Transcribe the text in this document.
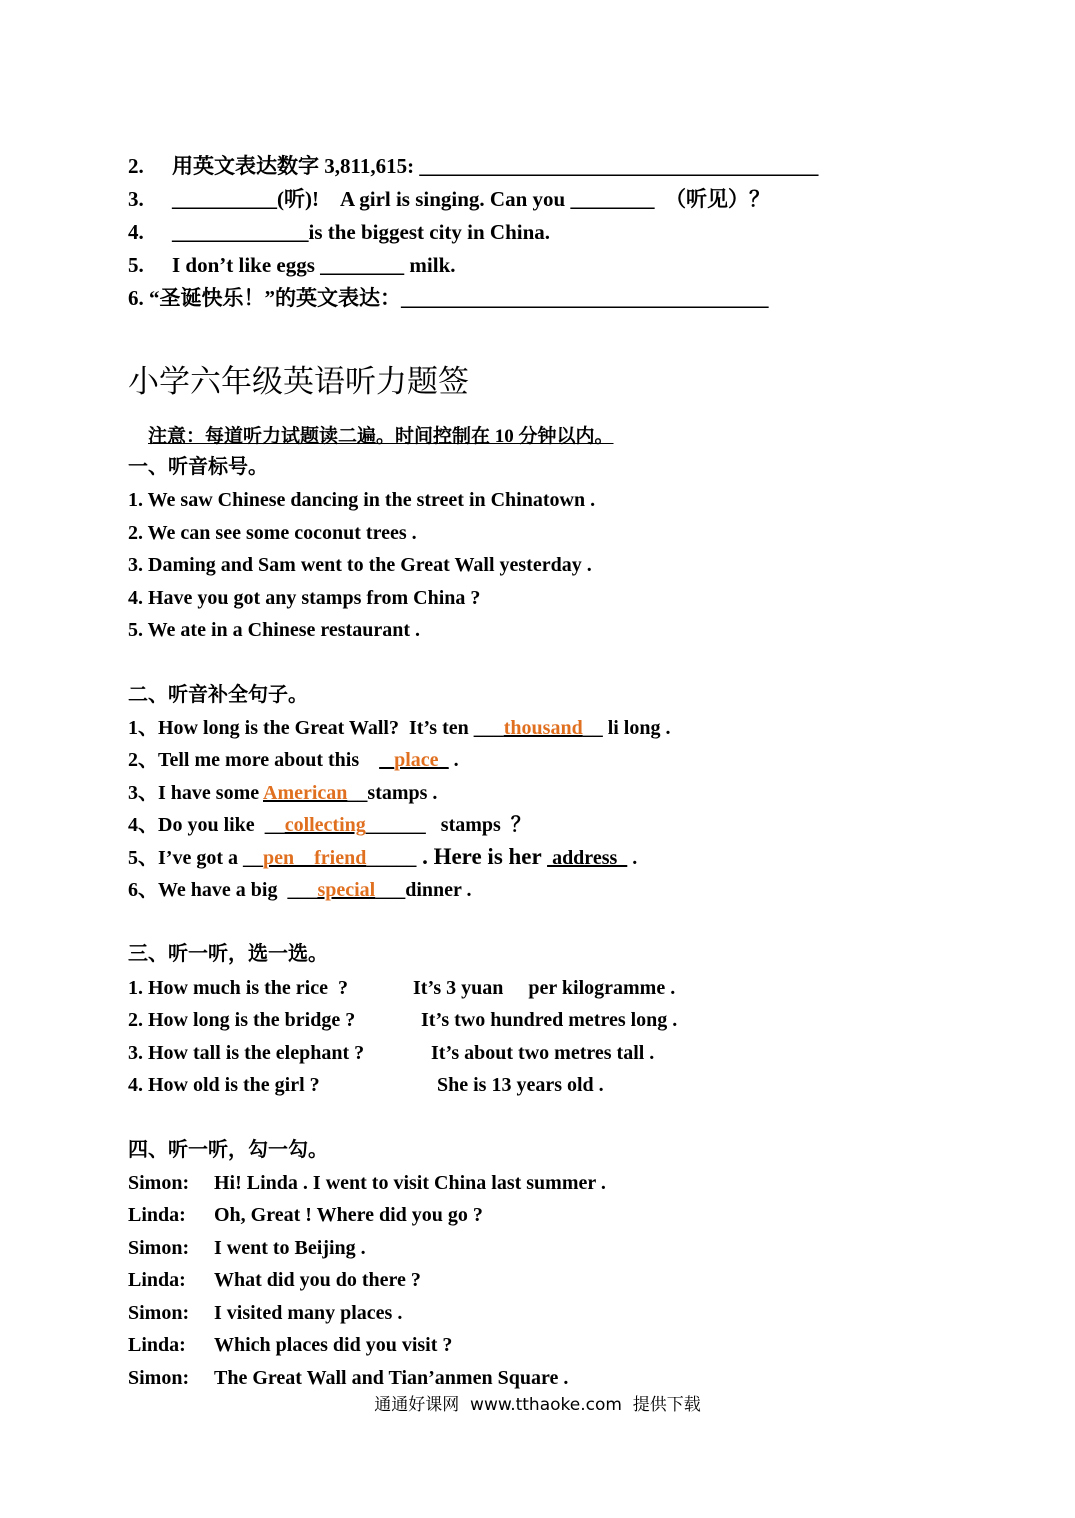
2. 用英文表达数字 3,811,615: ______________________________________
3. __________(听)!    A girl is singing. Can you ________  （听见）？
4. _____________is the biggest city in China.
5. I don’t like eggs ________ milk.
6. “圣诞快乐！”的英文表达：___________________________________
小学六年级英语听力题签
注意：每道听力试题读二遍。时间控制在 10 分钟以内。
一、听音标号。
1. We saw Chinese dancing in the street in Chinatown .
2. We can see some coconut trees .
3. Daming and Sam went to the Great Wall yesterday .
4. Have you got any stamps from China ?
5. We ate in a Chinese restaurant .
二、听音补全句子。
1、How long is the Great Wall?  It’s ten ___thousand__ li long .
2、Tell me more about this     _place_ .
3、I have some American__stamps .
4、Do you like  __collecting______   stamps  ？
5、I’ve got a __pen    friend_____ . Here is her  address   .
6、We have a big  ___special___dinner .
三、听一听，选一选。
1. How much is the rice  ?	It’s 3 yuan     per kilogramme .
2. How long is the bridge ?	It’s two hundred metres long .
3. How tall is the elephant ?	It’s about two metres tall .
4. How old is the girl ?	She is 13 years old .
四、听一听，勾一勾。
Simon: Hi! Linda . I went to visit China last summer .
Linda: Oh, Great ! Where did you go ?
Simon: I went to Beijing .
Linda: What did you do there ?
Simon: I visited many places .
Linda: Which places did you visit ?
Simon: The Great Wall and Tian’anmen Square .
通通好课网  www.tthaoke.com  提供下载
